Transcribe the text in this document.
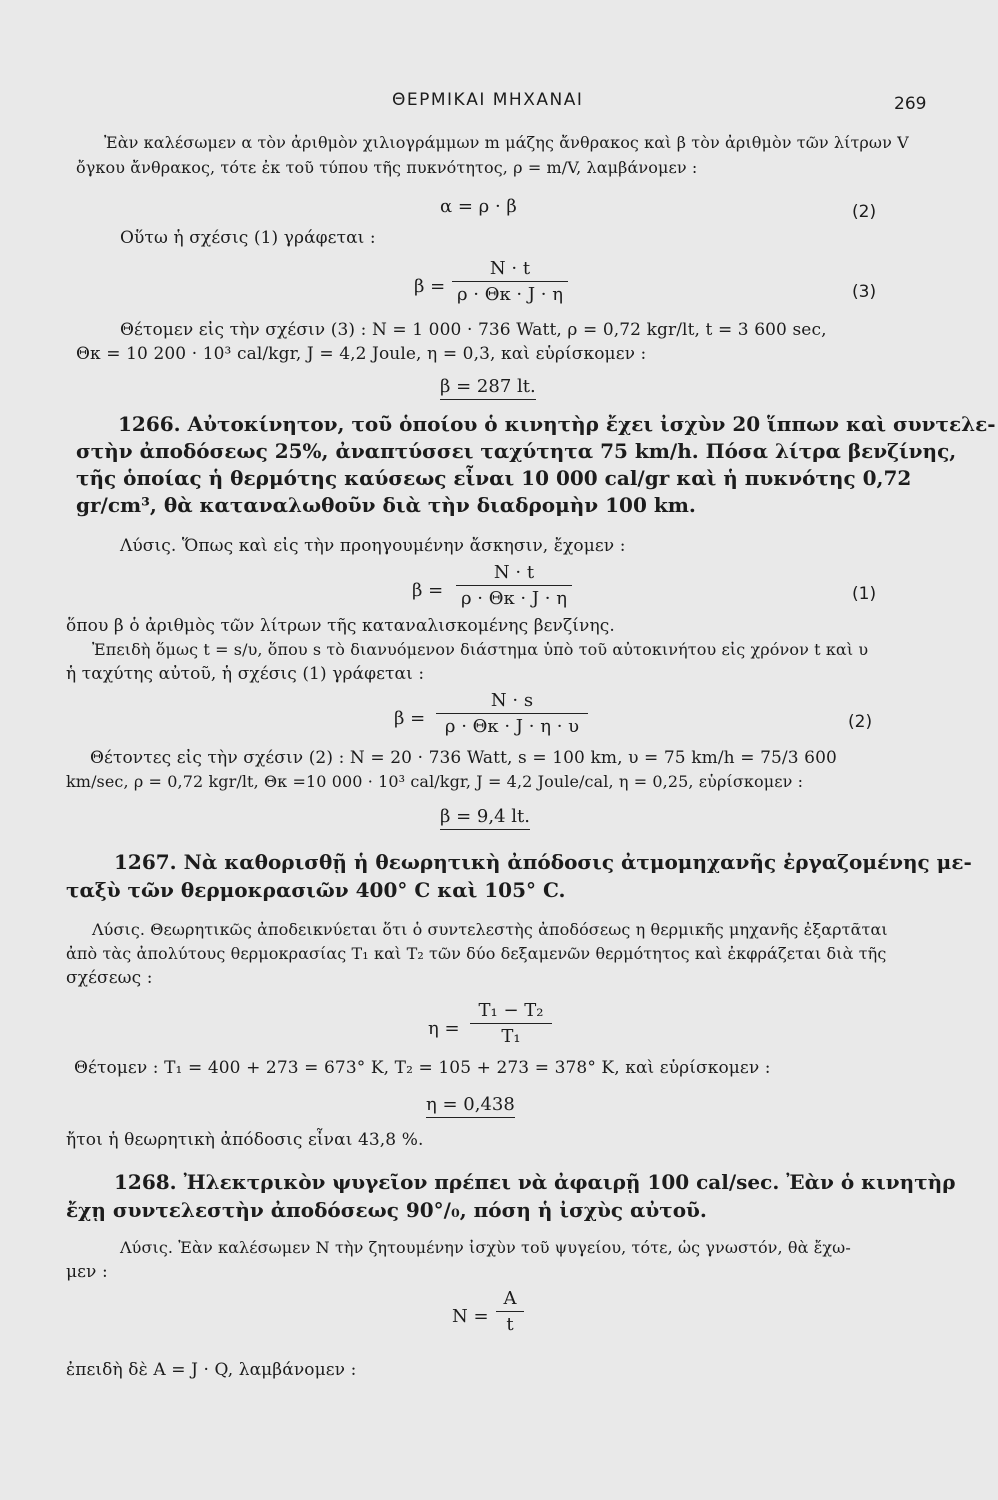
ΘΕΡΜΙΚΑΙ ΜΗΧΑΝΑΙ	269
Ἐὰν καλέσωμεν α τὸν ἀριθμὸν χιλιογράμμων m μάζης ἄνθρακος καὶ β τὸν ἀριθμὸν τῶν λίτρων V
ὄγκου ἄνθρακος, τότε ἐκ τοῦ τύπου τῆς πυκνότητος, ρ = m/V, λαμβάνομεν :
α = ρ · β	(2)
Οὕτω ἡ σχέσις (1) γράφεται :
$\beta = \frac{N \cdot t}{\rho \cdot \Theta\kappa \cdot J \cdot \eta}$	(3)
Θέτομεν εἰς τὴν σχέσιν (3) : N = 1 000 · 736 Watt, ρ = 0,72 kgr/lt, t = 3 600 sec,
Θκ = 10 200 · 10³ cal/kgr, J = 4,2 Joule, η = 0,3, καὶ εὑρίσκομεν :
β = 287 lt.
1266. Αὐτοκίνητον, τοῦ ὁποίου ὁ κινητὴρ ἔχει ἰσχὺν 20 ἵππων καὶ συντελε-
στὴν ἀποδόσεως 25%, ἀναπτύσσει ταχύτητα 75 km/h. Πόσα λίτρα βενζίνης,
τῆς ὁποίας ἡ θερμότης καύσεως εἶναι 10 000 cal/gr καὶ ἡ πυκνότης 0,72
gr/cm³, θὰ καταναλωθοῦν διὰ τὴν διαδρομὴν 100 km.
Λύσις. Ὅπως καὶ εἰς τὴν προηγουμένην ἄσκησιν, ἔχομεν :
$\beta = \frac{N \cdot t}{\rho \cdot \Theta\kappa \cdot J \cdot \eta}$	(1)
ὅπου β ὁ ἀριθμὸς τῶν λίτρων τῆς καταναλισκομένης βενζίνης.
Ἐπειδὴ ὅμως t = s/υ, ὅπου s τὸ διανυόμενον διάστημα ὑπὸ τοῦ αὐτοκινήτου εἰς χρόνον t καὶ υ
ἡ ταχύτης αὐτοῦ, ἡ σχέσις (1) γράφεται :
$\beta = \frac{N \cdot s}{\rho \cdot \Theta\kappa \cdot J \cdot \eta \cdot \upsilon}$	(2)
Θέτοντες εἰς τὴν σχέσιν (2) : N = 20 · 736 Watt, s = 100 km, υ = 75 km/h = 75/3 600
km/sec, ρ = 0,72 kgr/lt, Θκ =10 000 · 10³ cal/kgr, J = 4,2 Joule/cal, η = 0,25, εὑρίσκομεν :
β = 9,4 lt.
1267. Νὰ καθορισθῇ ἡ θεωρητικὴ ἀπόδοσις ἀτμομηχανῆς ἐργαζομένης με-
ταξὺ τῶν θερμοκρασιῶν 400° C καὶ 105° C.
Λύσις. Θεωρητικῶς ἀποδεικνύεται ὅτι ὁ συντελεστὴς ἀποδόσεως η θερμικῆς μηχανῆς ἐξαρτᾶται
ἀπὸ τὰς ἀπολύτους θερμοκρασίας T₁ καὶ T₂ τῶν δύο δεξαμενῶν θερμότητος καὶ ἐκφράζεται διὰ τῆς
σχέσεως :
$\eta = \frac{\text{T₁ − T₂}}{\text{T₁}}$
Θέτομεν : T₁ = 400 + 273 = 673° K, T₂ = 105 + 273 = 378° K, καὶ εὑρίσκομεν :
η = 0,438
ἤτοι ἡ θεωρητικὴ ἀπόδοσις εἶναι 43,8 %.
1268. Ἠλεκτρικὸν ψυγεῖον πρέπει νὰ ἀφαιρῇ 100 cal/sec. Ἐὰν ὁ κινητὴρ
ἔχῃ συντελεστὴν ἀποδόσεως 90°/₀, πόση ἡ ἰσχὺς αὐτοῦ.
Λύσις. Ἐὰν καλέσωμεν N τὴν ζητουμένην ἰσχὺν τοῦ ψυγείου, τότε, ὡς γνωστόν, θὰ ἔχω-
μεν :
$N = \frac{A}{t}$
ἐπειδὴ δὲ A = J · Q, λαμβάνομεν :
